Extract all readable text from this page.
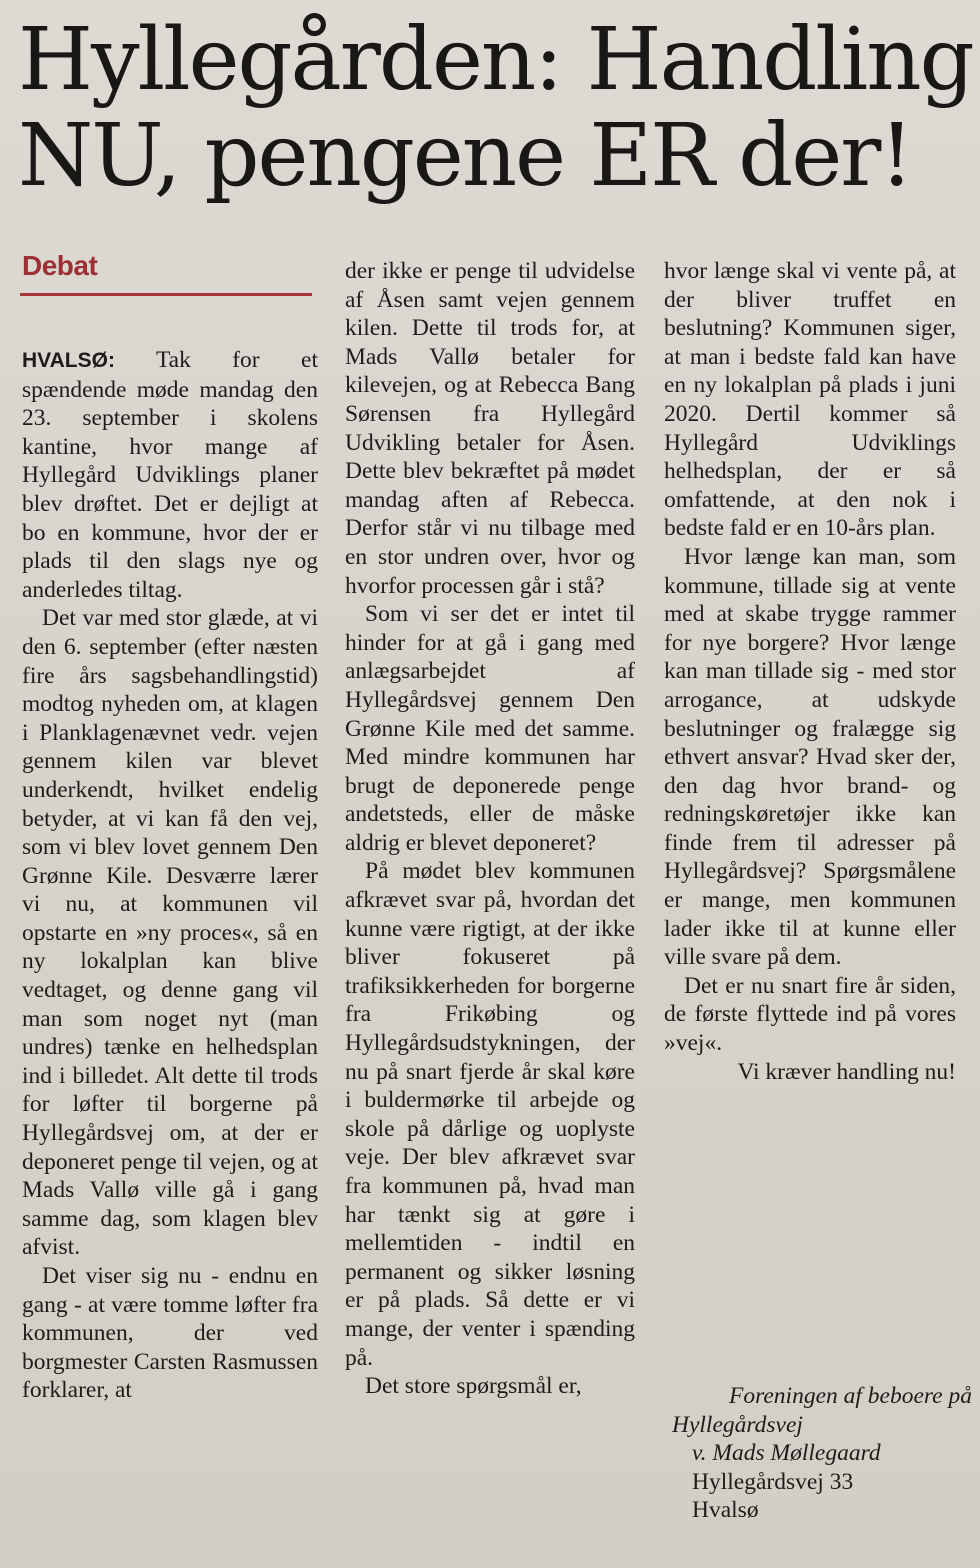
Hyllegården: Handling
NU, pengene ER der!
Debat

HVALSØ: Tak for et spændende møde mandag den 23. september i skolens kantine, hvor mange af Hyllegård Udviklings planer blev drøftet. Det er dejligt at bo en kommune, hvor der er plads til den slags nye og anderledes tiltag.

Det var med stor glæde, at vi den 6. september (efter næsten fire års sagsbehandlingstid) modtog nyheden om, at klagen i Planklagenævnet vedr. vejen gennem kilen var blevet underkendt, hvilket endelig betyder, at vi kan få den vej, som vi blev lovet gennem Den Grønne Kile. Desværre lærer vi nu, at kommunen vil opstarte en »ny proces«, så en ny lokalplan kan blive vedtaget, og denne gang vil man som noget nyt (man undres) tænke en helhedsplan ind i billedet. Alt dette til trods for løfter til borgerne på Hyllegårdsvej om, at der er deponeret penge til vejen, og at Mads Vallø ville gå i gang samme dag, som klagen blev afvist.

Det viser sig nu - endnu en gang - at være tomme løfter fra kommunen, der ved borgmester Carsten Rasmussen forklarer, at

der ikke er penge til udvidelse af Åsen samt vejen gennem kilen. Dette til trods for, at Mads Vallø betaler for kilevejen, og at Rebecca Bang Sørensen fra Hyllegård Udvikling betaler for Åsen. Dette blev bekræftet på mødet mandag aften af Rebecca. Derfor står vi nu tilbage med en stor undren over, hvor og hvorfor processen går i stå?

Som vi ser det er intet til hinder for at gå i gang med anlægsarbejdet af Hyllegårdsvej gennem Den Grønne Kile med det samme. Med mindre kommunen har brugt de deponerede penge andetsteds, eller de måske aldrig er blevet deponeret?

På mødet blev kommunen afkrævet svar på, hvordan det kunne være rigtigt, at der ikke bliver fokuseret på trafiksikkerheden for borgerne fra Frikøbing og Hyllegårdsudstykningen, der nu på snart fjerde år skal køre i buldermørke til arbejde og skole på dårlige og uoplyste veje. Der blev afkrævet svar fra kommunen på, hvad man har tænkt sig at gøre i mellemtiden - indtil en permanent og sikker løsning er på plads. Så dette er vi mange, der venter i spænding på.

Det store spørgsmål er,

hvor længe skal vi vente på, at der bliver truffet en beslutning? Kommunen siger, at man i bedste fald kan have en ny lokalplan på plads i juni 2020. Dertil kommer så Hyllegård Udviklings helhedsplan, der er så omfattende, at den nok i bedste fald er en 10-års plan.

Hvor længe kan man, som kommune, tillade sig at vente med at skabe trygge rammer for nye borgere? Hvor længe kan man tillade sig - med stor arrogance, at udskyde beslutninger og fralægge sig ethvert ansvar? Hvad sker der, den dag hvor brand- og redningskøretøjer ikke kan finde frem til adresser på Hyllegårdsvej? Spørgsmålene er mange, men kommunen lader ikke til at kunne eller ville svare på dem.

Det er nu snart fire år siden, de første flyttede ind på vores »vej«.

Vi kræver handling nu!

Foreningen af beboere på
Hyllegårdsvej
v. Mads Møllegaard
Hyllegårdsvej 33
Hvalsø
